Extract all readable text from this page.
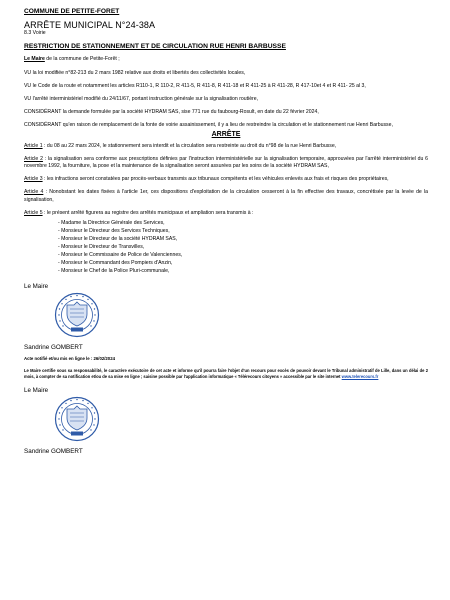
COMMUNE DE PETITE-FORET
ARRÊTE MUNICIPAL N°24-38A
8.3 Voirie
RESTRICTION DE STATIONNEMENT ET DE CIRCULATION RUE HENRI BARBUSSE

Le Maire de la commune de Petite-Forêt ;

VU la loi modifiée n°82-213 du 2 mars 1982 relative aux droits et libertés des collectivités locales,

VU le Code de la route et notamment les articles R110-1, R 110-2, R 411-5, R 411-8, R 411-18 et R 411-25 à R 411-28, R 417-10et 4 et R 411- 25 al 3,

VU l'arrêté interministériel modifié du 24/11/67, portant instruction générale sur la signalisation routière,

CONSIDÉRANT la demande formulée par la société HYDRAM SAS, sise 771 rue du faubourg-Rosult, en date du 22 février 2024,

CONSIDÉRANT qu'en raison de remplacement de la fonte de voirie assainissement, il y a lieu de restreindre la circulation et le stationnement rue Henri Barbusse,

ARRÊTE

Article 1 : du 08 au 22 mars 2024, le stationnement sera interdit et la circulation sera restreinte au droit du n°98 de la rue Henri Barbusse,

Article 2 : la signalisation sera conforme aux prescriptions définies par l'instruction interministérielle sur la signalisation temporaire, approuvées par l'arrêté interministériel du 6 novembre 1992, la fourniture, la pose et la maintenance de la signalisation seront assurées par les soins de la société HYDRAM SAS,

Article 3 : les infractions seront constatées par procès-verbaux transmis aux tribunaux compétents et les véhicules enlevés aux frais et risques des propriétaires,

Article 4 : Nonobstant les dates fixées à l'article 1er, ces dispositions d'exploitation de la circulation cesseront à la fin effective des travaux, concrétisée par la levée de la signalisation,

Article 5 : le présent arrêté figurera au registre des arrêtés municipaux et ampliation sera transmis à :

- Madame la Directrice Générale des Services,
- Monsieur le Directeur des Services Techniques,
- Monsieur le Directeur de la société HYDRAM SAS,
- Monsieur le Directeur de Transvilles,
- Monsieur le Commissaire de Police de Valenciennes,
- Monsieur le Commandant des Pompiers d'Anzin,
- Monsieur le Chef de la Police Pluri-communale,
Le Maire
Sandrine GOMBERT
Acte notifié et/ou mis en ligne le : 26/02/2024
Le Maire certifie sous sa responsabilité, le caractère exécutoire de cet acte et informe qu'il pourra faire l'objet d'un recours pour excès de pouvoir devant le Tribunal administratif de Lille, dans un délai de 2 mois, à compter de sa notification et/ou de sa mise en ligne ; saisine possible par l'application informatique « Télérecours citoyens » accessible par le site internet www.telerecours.fr
Le Maire
Sandrine GOMBERT
